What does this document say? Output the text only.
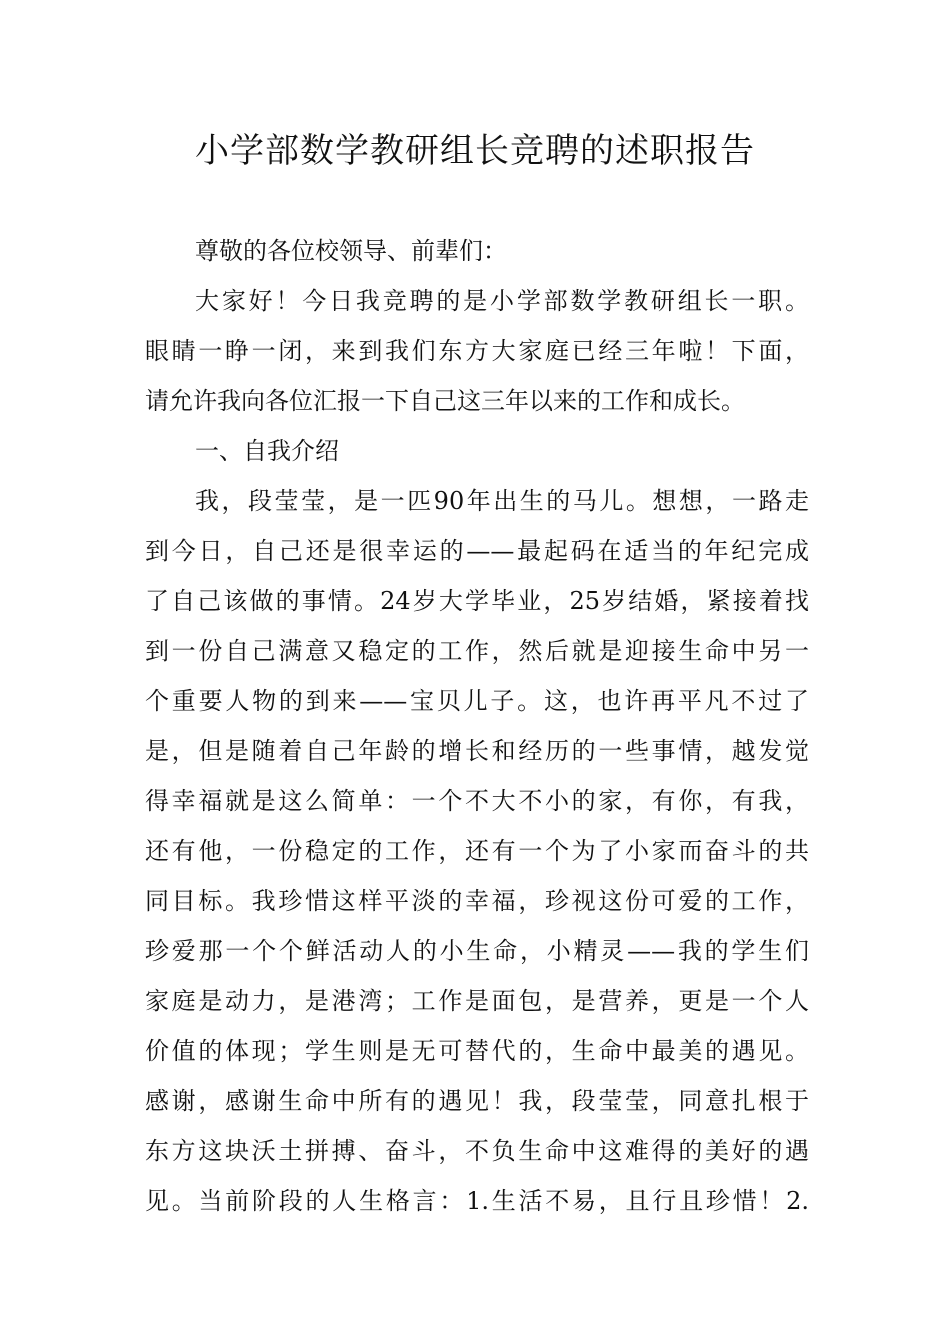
小学部数学教研组长竞聘的述职报告
尊敬的各位校领导、前辈们：
大家好！今日我竞聘的是小学部数学教研组长一职。
眼睛一睁一闭，来到我们东方大家庭已经三年啦！下面，
请允许我向各位汇报一下自己这三年以来的工作和成长。
一、自我介绍
我，段莹莹，是一匹90年出生的马儿。想想，一路走
到今日，自己还是很幸运的——最起码在适当的年纪完成
了自己该做的事情。24岁大学毕业，25岁结婚，紧接着找
到一份自己满意又稳定的工作，然后就是迎接生命中另一
个重要人物的到来——宝贝儿子。这，也许再平凡不过了
是，但是随着自己年龄的增长和经历的一些事情，越发觉
得幸福就是这么简单：一个不大不小的家，有你，有我，
还有他，一份稳定的工作，还有一个为了小家而奋斗的共
同目标。我珍惜这样平淡的幸福，珍视这份可爱的工作，
珍爱那一个个鲜活动人的小生命，小精灵——我的学生们
家庭是动力，是港湾；工作是面包，是营养，更是一个人
价值的体现；学生则是无可替代的，生命中最美的遇见。
感谢，感谢生命中所有的遇见！我，段莹莹，同意扎根于
东方这块沃土拼搏、奋斗，不负生命中这难得的美好的遇
见。当前阶段的人生格言：1.生活不易，且行且珍惜！2.
